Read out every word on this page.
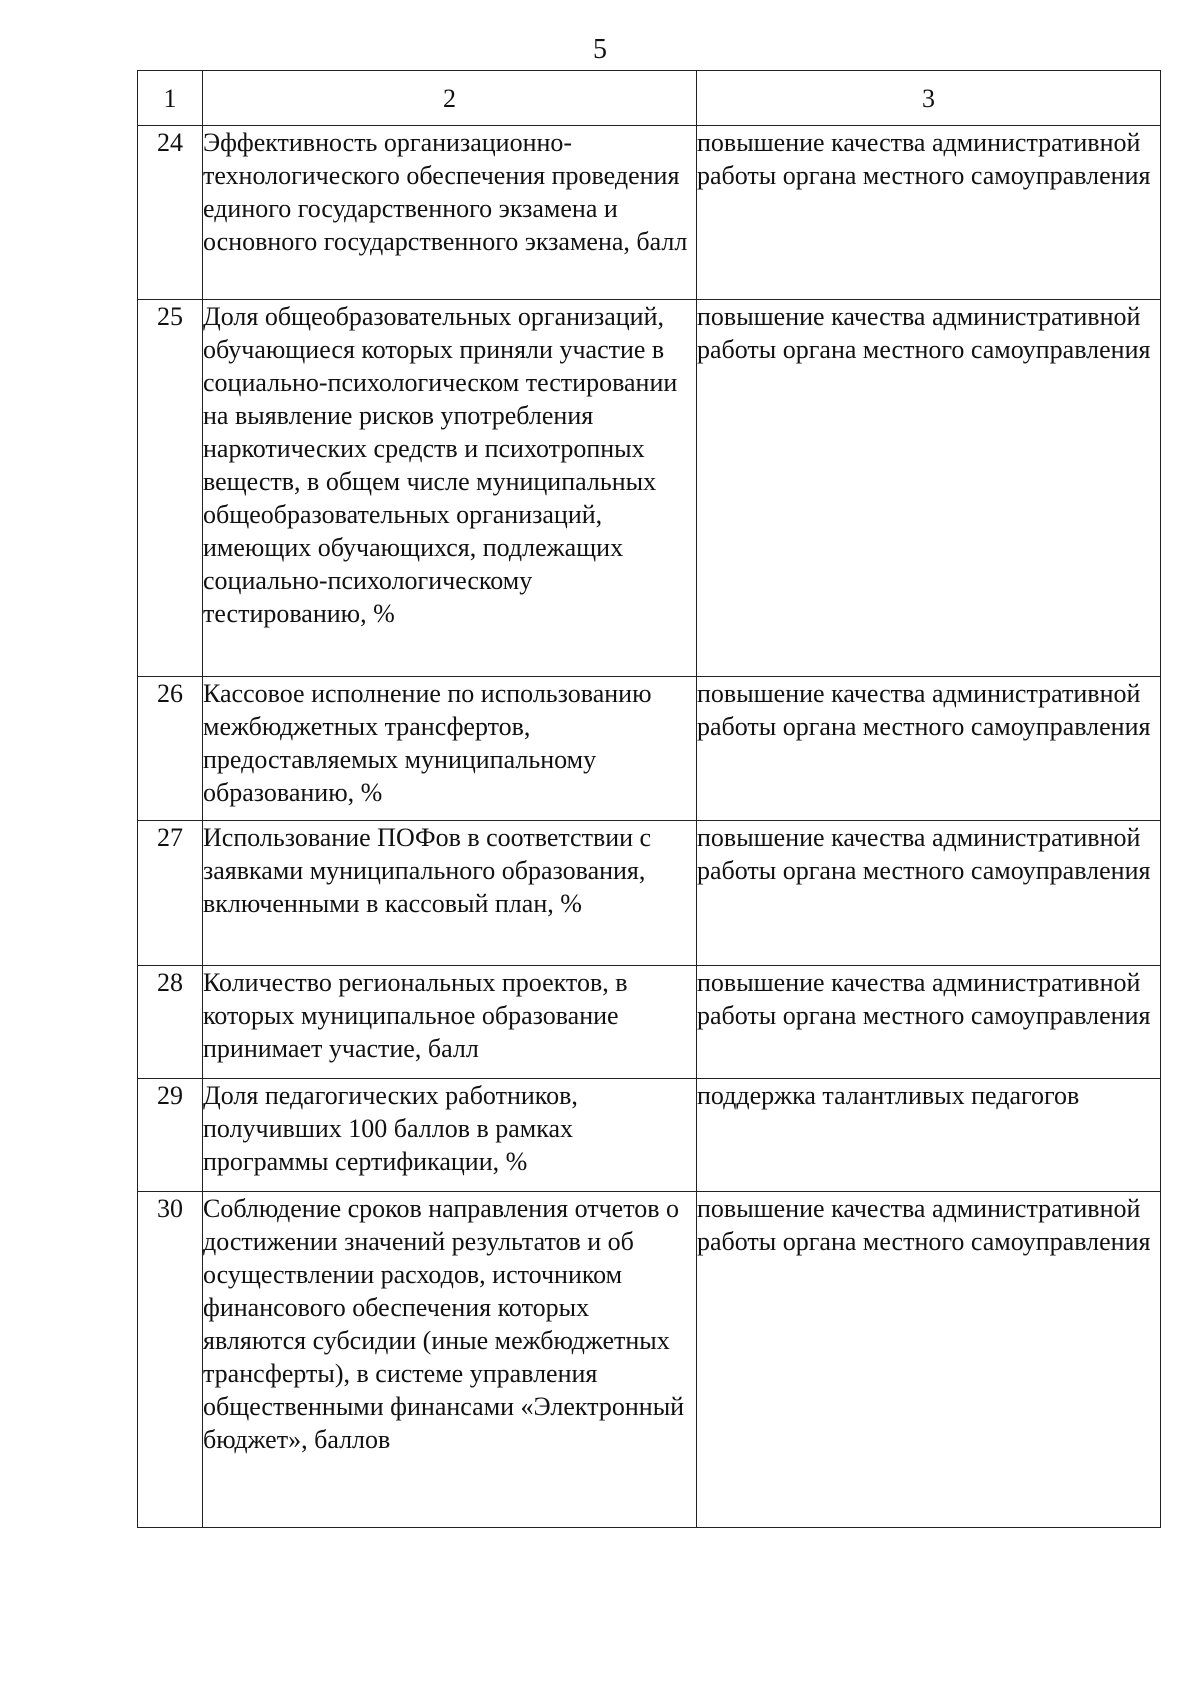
5
1	2	3
24	Эффективность организационно-технологического обеспечения проведения единого государственного экзамена и основного государственного экзамена, балл	повышение качества административной работы органа местного самоуправления
25	Доля общеобразовательных организаций, обучающиеся которых приняли участие в социально-психологическом тестировании на выявление рисков употребления наркотических средств и психотропных веществ, в общем числе муниципальных общеобразовательных организаций, имеющих обучающихся, подлежащих социально-психологическому тестированию, %	повышение качества административной работы органа местного самоуправления
26	Кассовое исполнение по использованию межбюджетных трансфертов, предоставляемых муниципальному образованию, %	повышение качества административной работы органа местного самоуправления
27	Использование ПОФов в соответствии с заявками муниципального образования, включенными в кассовый план, %	повышение качества административной работы органа местного самоуправления
28	Количество региональных проектов, в которых муниципальное образование принимает участие, балл	повышение качества административной работы органа местного самоуправления
29	Доля педагогических работников, получивших 100 баллов в рамках программы сертификации, %	поддержка талантливых педагогов
30	Соблюдение сроков направления отчетов о достижении значений результатов и об осуществлении расходов, источником финансового обеспечения которых являются субсидии (иные межбюджетных трансферты), в системе управления общественными финансами «Электронный бюджет», баллов	повышение качества административной работы органа местного самоуправления
